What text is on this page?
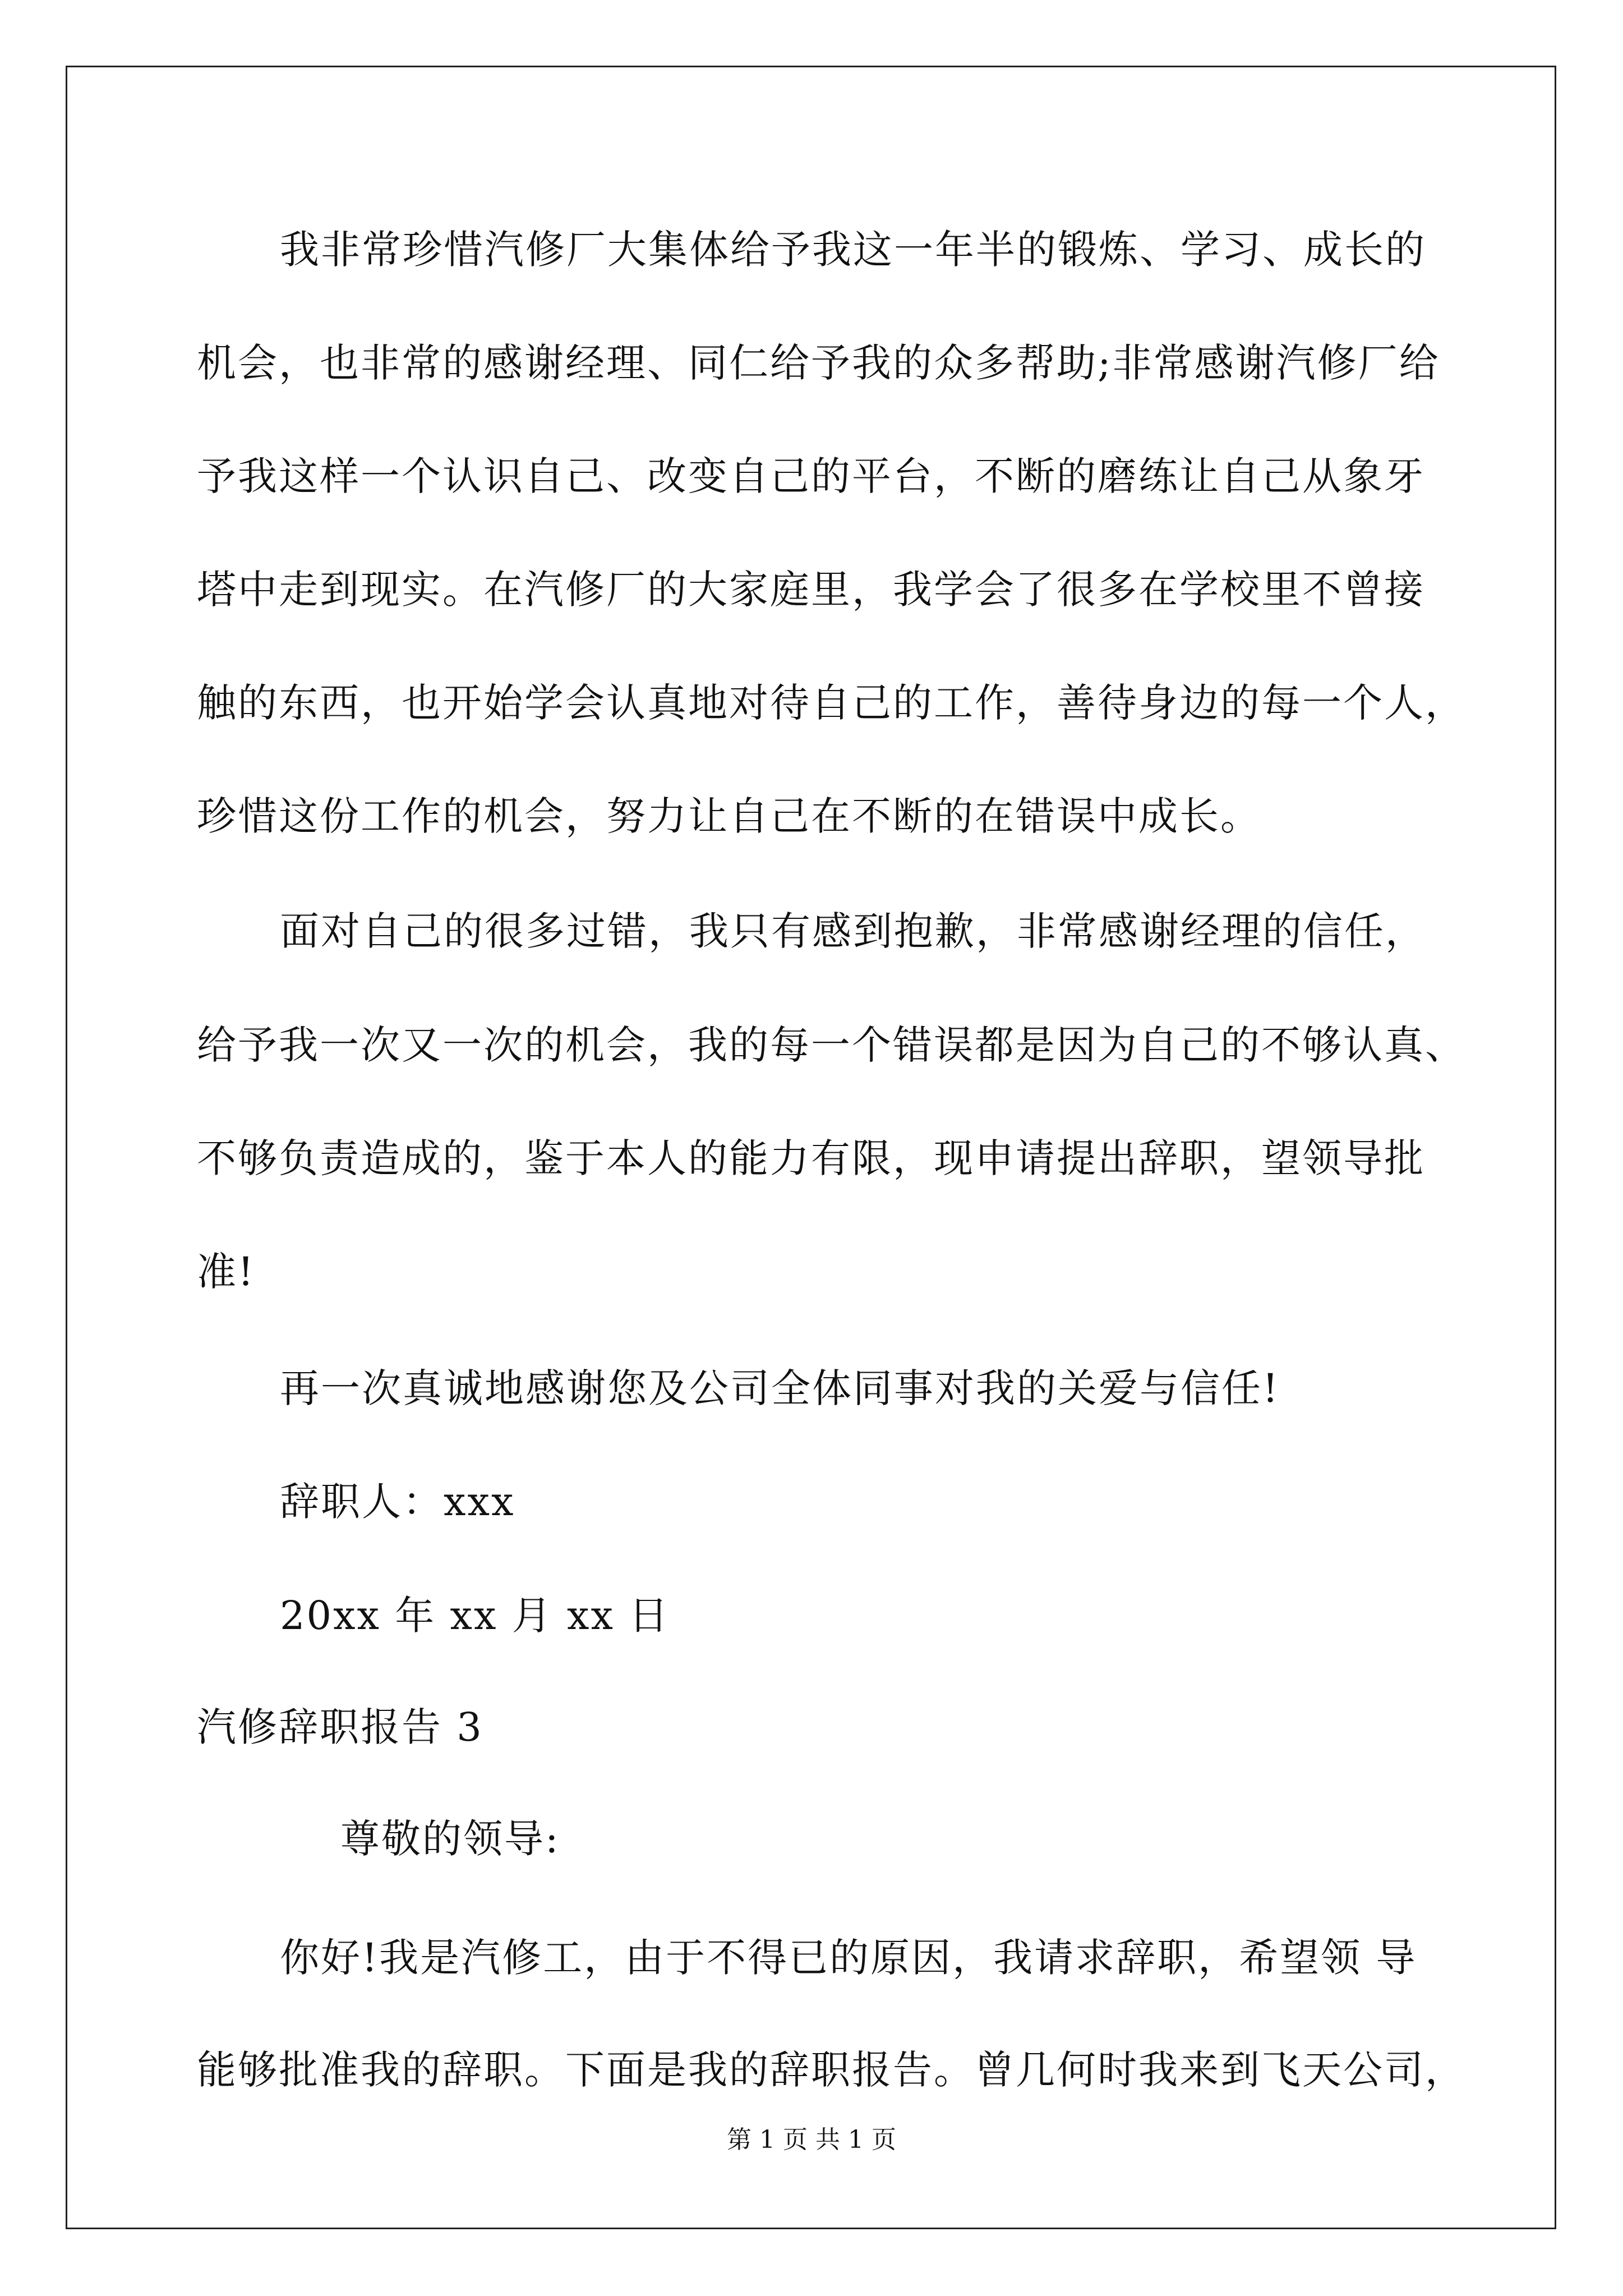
我非常珍惜汽修厂大集体给予我这一年半的锻炼、学习、成长的
机会，也非常的感谢经理、同仁给予我的众多帮助;非常感谢汽修厂给
予我这样一个认识自己、改变自己的平台，不断的磨练让自己从象牙
塔中走到现实。在汽修厂的大家庭里，我学会了很多在学校里不曾接
触的东西，也开始学会认真地对待自己的工作，善待身边的每一个人，
珍惜这份工作的机会，努力让自己在不断的在错误中成长。
面对自己的很多过错，我只有感到抱歉，非常感谢经理的信任，
给予我一次又一次的机会，我的每一个错误都是因为自己的不够认真、
不够负责造成的，鉴于本人的能力有限，现申请提出辞职，望领导批
准!
再一次真诚地感谢您及公司全体同事对我的关爱与信任!
辞职人：xxx
20xx 年 xx 月 xx 日
汽修辞职报告 3
尊敬的领导:
你好!我是汽修工，由于不得已的原因，我请求辞职，希望领 导
能够批准我的辞职。下面是我的辞职报告。曾几何时我来到飞天公司，
第 1 页 共 1 页
